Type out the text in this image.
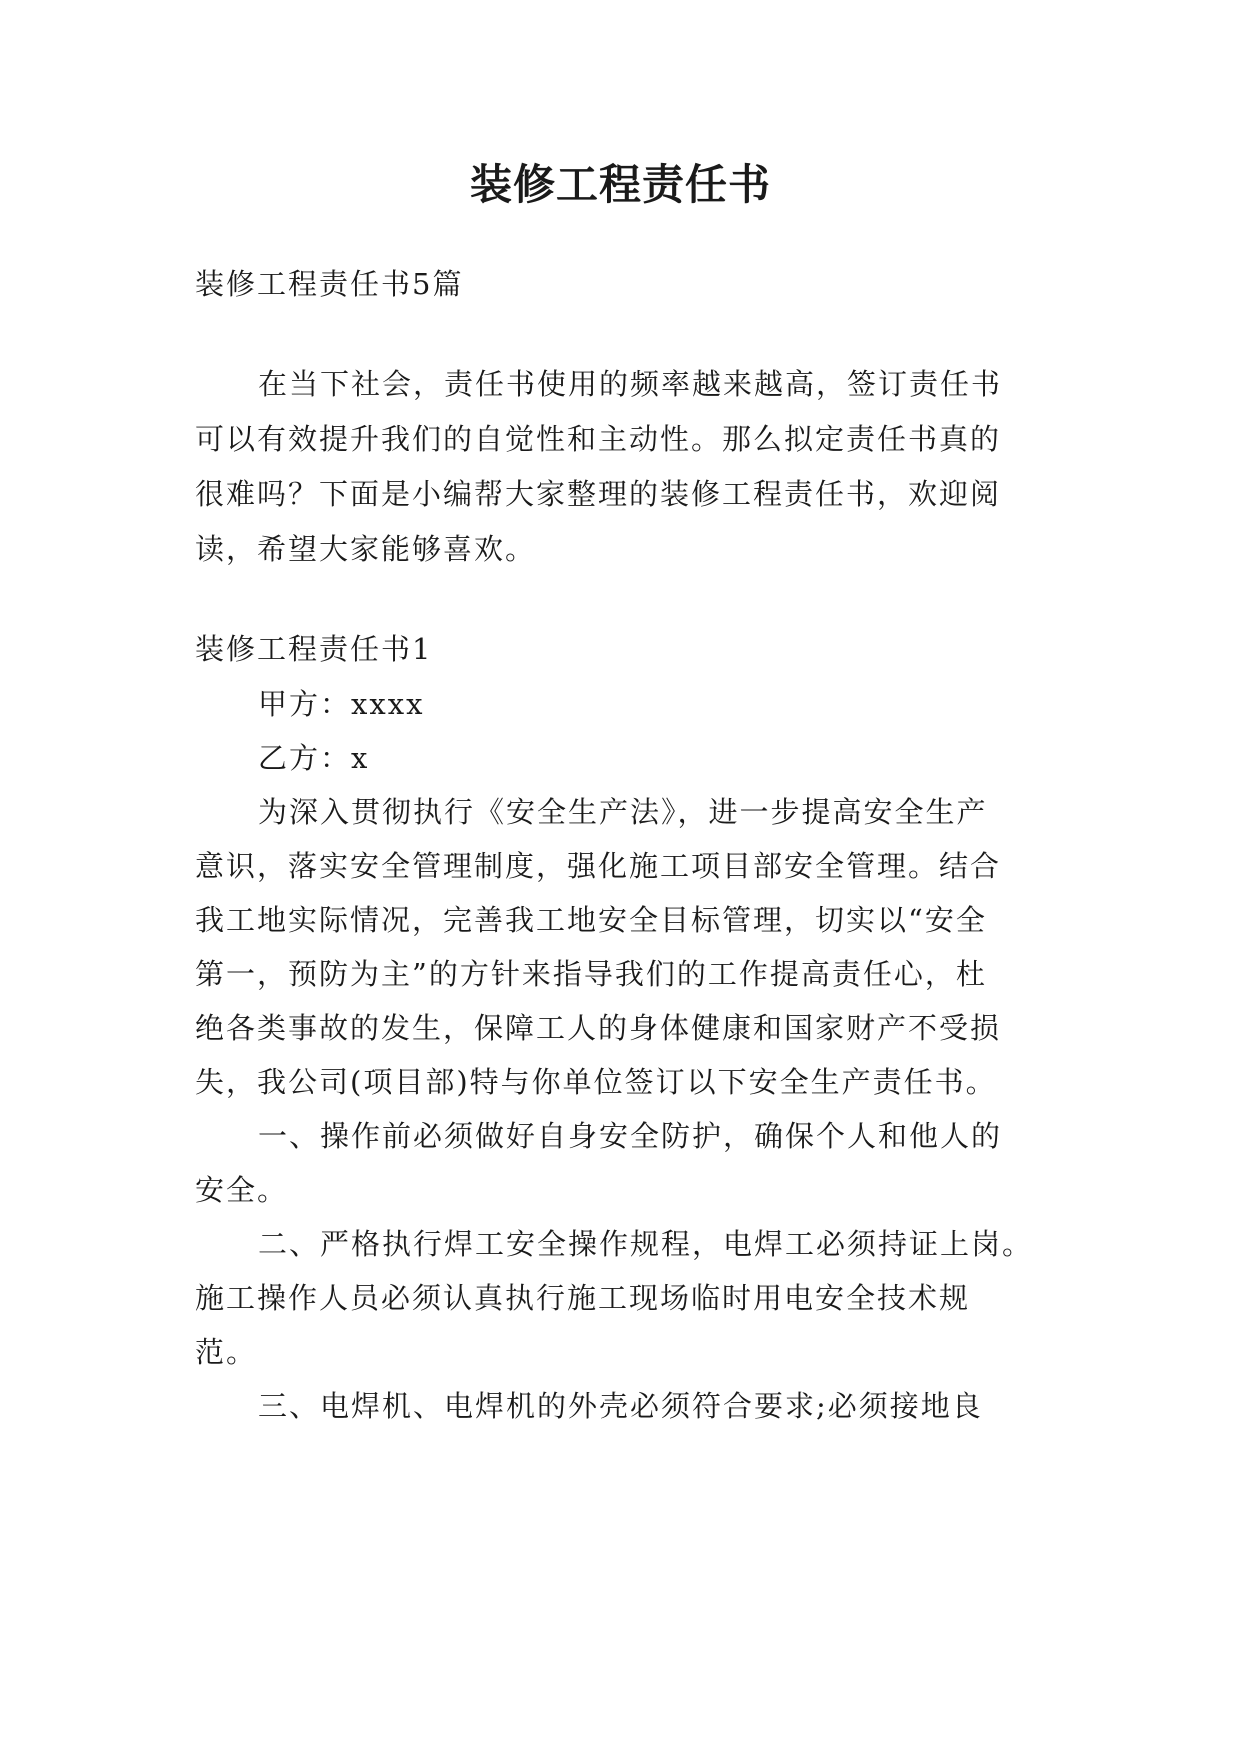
装修工程责任书
装修工程责任书5篇
在当下社会，责任书使用的频率越来越高，签订责任书
可以有效提升我们的自觉性和主动性。那么拟定责任书真的
很难吗？下面是小编帮大家整理的装修工程责任书，欢迎阅
读，希望大家能够喜欢。
装修工程责任书1
甲方：xxxx
乙方：x
为深入贯彻执行《安全生产法》，进一步提高安全生产
意识，落实安全管理制度，强化施工项目部安全管理。结合
我工地实际情况，完善我工地安全目标管理，切实以“安全
第一，预防为主”的方针来指导我们的工作提高责任心，杜
绝各类事故的发生，保障工人的身体健康和国家财产不受损
失，我公司(项目部)特与你单位签订以下安全生产责任书。
一、操作前必须做好自身安全防护，确保个人和他人的
安全。
二、严格执行焊工安全操作规程，电焊工必须持证上岗。
施工操作人员必须认真执行施工现场临时用电安全技术规
范。
三、电焊机、电焊机的外壳必须符合要求;必须接地良
